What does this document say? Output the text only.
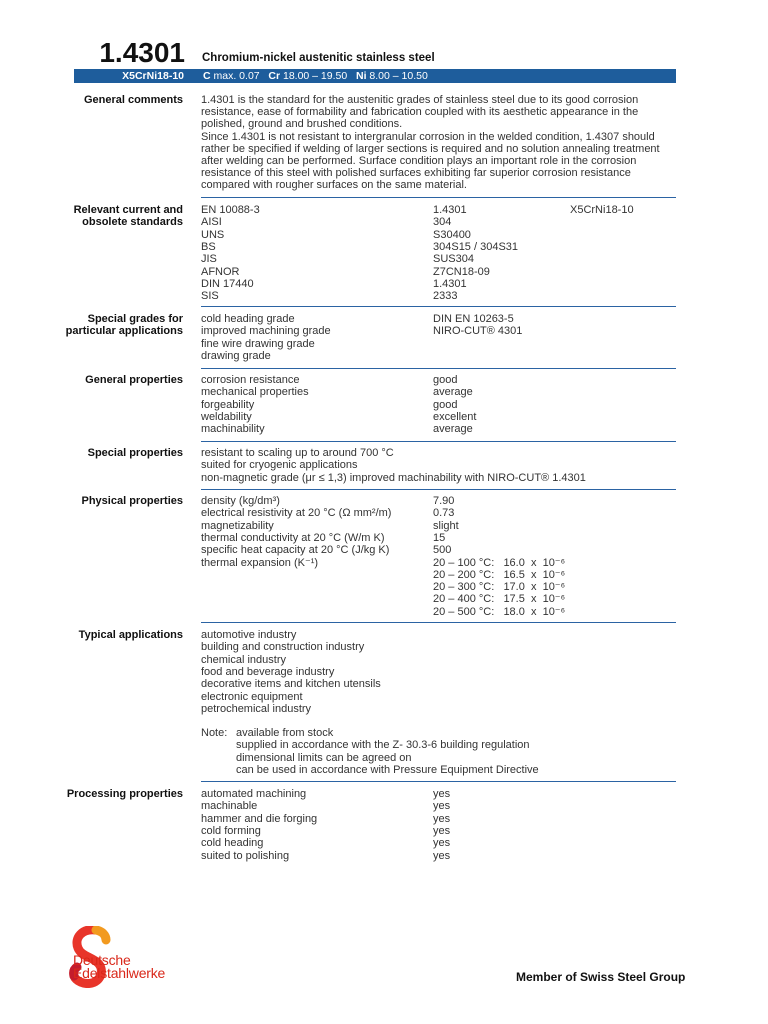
1.4301 Chromium-nickel austenitic stainless steel
X5CrNi18-10 C max. 0.07 Cr 18.00 – 19.50 Ni 8.00 – 10.50
General comments 1.4301 is the standard for the austenitic grades of stainless steel due to its good corrosion resistance, ease of formability and fabrication coupled with its aesthetic appearance in the polished, ground and brushed conditions.
Since 1.4301 is not resistant to intergranular corrosion in the welded condition, 1.4307 should rather be specified if welding of larger sections is required and no solution annealing treatment after welding can be performed. Surface condition plays an important role in the corrosion resistance of this steel with polished surfaces exhibiting far superior corrosion resistance compared with rougher surfaces on the same material.
Relevant current and obsolete standards
EN 10088-3	1.4301	X5CrNi18-10
AISI	304
UNS	S30400
BS	304S15 / 304S31
JIS	SUS304
AFNOR	Z7CN18-09
DIN 17440	1.4301
SIS	2333
Special grades for particular applications
cold heading grade	DIN EN 10263-5
improved machining grade	NIRO-CUT® 4301
fine wire drawing grade
drawing grade
General properties corrosion resistance	good
mechanical properties	average
forgeability	good
weldability	excellent
machinability	average
Special properties resistant to scaling up to around 700 °C
suited for cryogenic applications
non-magnetic grade (μr ≤ 1,3) improved machinability with NIRO-CUT® 1.4301
Physical properties density (kg/dm³)	7.90
electrical resistivity at 20 °C (Ω mm²/m)	0.73
magnetizability	slight
thermal conductivity at 20 °C (W/m K)	15
specific heat capacity at 20 °C (J/kg K)	500
thermal expansion (K⁻¹)	20 – 100 °C:   16.0  x  10⁻⁶
20 – 200 °C:   16.5  x  10⁻⁶
20 – 300 °C:   17.0  x  10⁻⁶
20 – 400 °C:   17.5  x  10⁻⁶
20 – 500 °C:   18.0  x  10⁻⁶
Typical applications automotive industry
building and construction industry
chemical industry
food and beverage industry
decorative items and kitchen utensils
electronic equipment
petrochemical industry
Note: available from stock
supplied in accordance with the Z- 30.3-6 building regulation
dimensional limits can be agreed on
can be used in accordance with Pressure Equipment Directive
Processing properties automated machining	yes
machinable	yes
hammer and die forging	yes
cold forming	yes
cold heading	yes
suited to polishing	yes
Deutsche
Edelstahlwerke	Member of Swiss Steel Group
